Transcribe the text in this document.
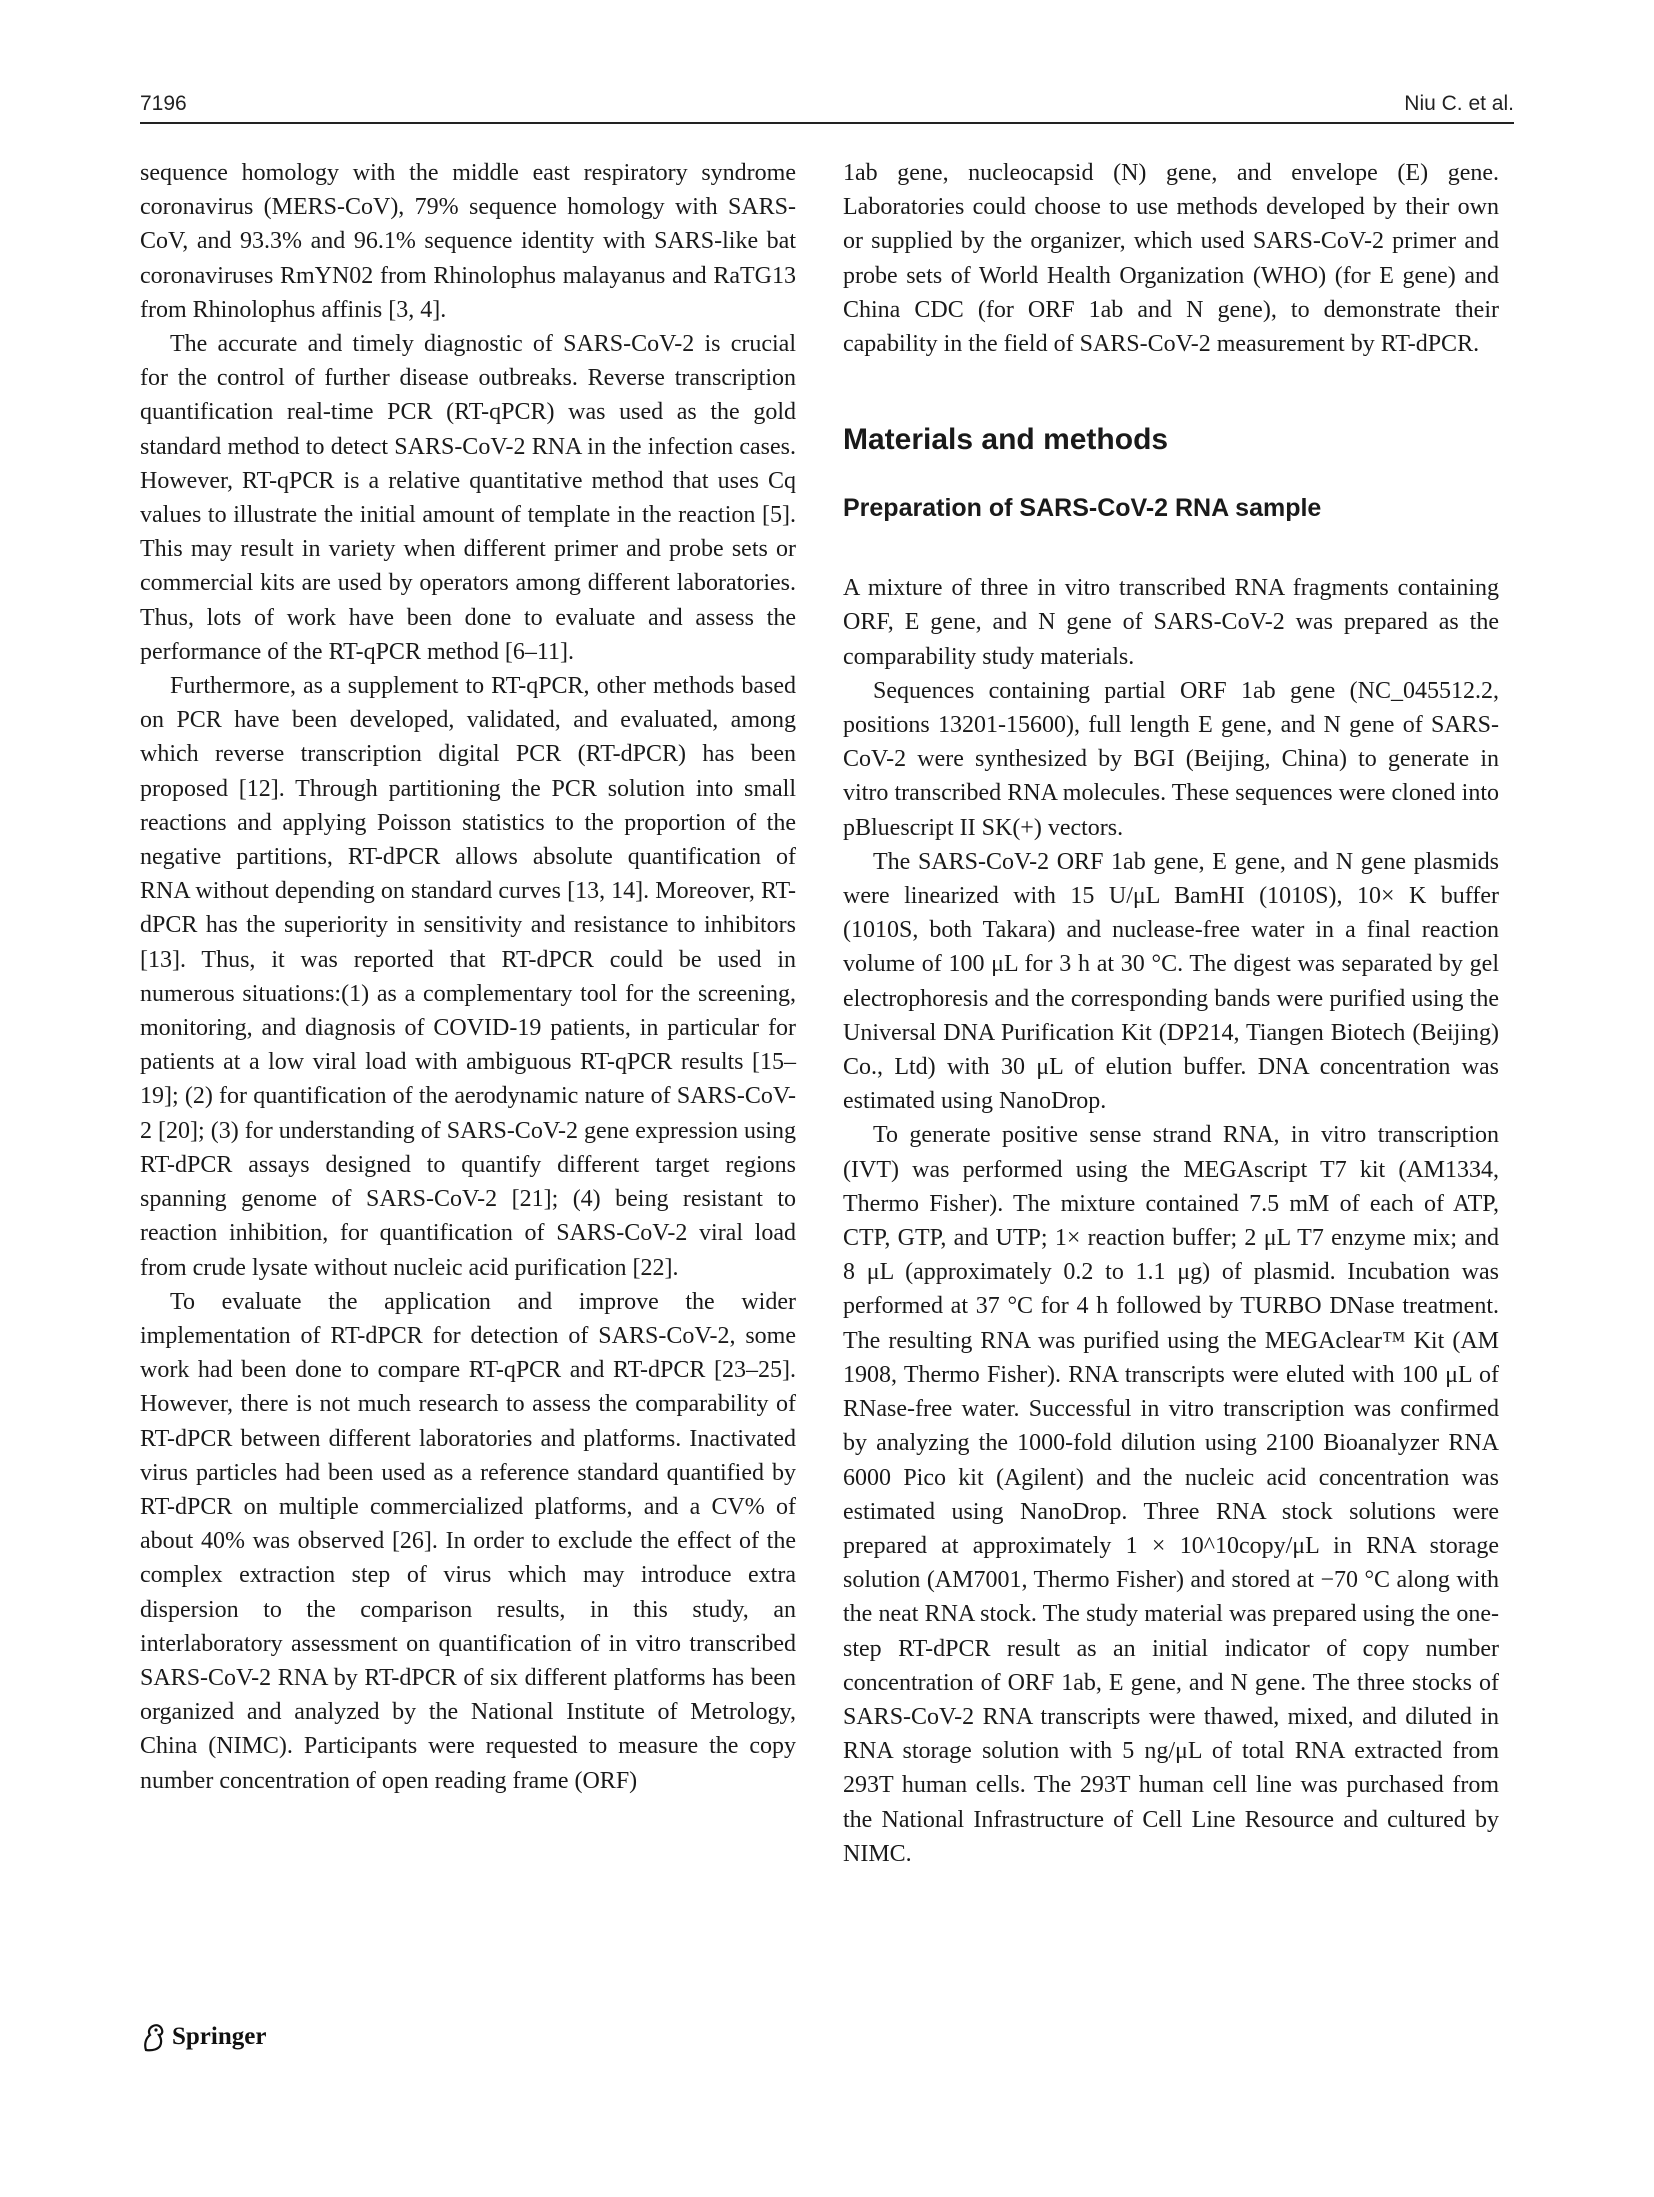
7196	Niu C. et al.

sequence homology with the middle east respiratory syndrome coronavirus (MERS-CoV), 79% sequence homology with SARS-CoV, and 93.3% and 96.1% sequence identity with SARS-like bat coronaviruses RmYN02 from Rhinolophus malayanus and RaTG13 from Rhinolophus affinis [3, 4].

The accurate and timely diagnostic of SARS-CoV-2 is crucial for the control of further disease outbreaks. Reverse transcription quantification real-time PCR (RT-qPCR) was used as the gold standard method to detect SARS-CoV-2 RNA in the infection cases. However, RT-qPCR is a relative quantitative method that uses Cq values to illustrate the initial amount of template in the reaction [5]. This may result in variety when different primer and probe sets or commercial kits are used by operators among different laboratories. Thus, lots of work have been done to evaluate and assess the performance of the RT-qPCR method [6–11].

Furthermore, as a supplement to RT-qPCR, other methods based on PCR have been developed, validated, and evaluated, among which reverse transcription digital PCR (RT-dPCR) has been proposed [12]. Through partitioning the PCR solution into small reactions and applying Poisson statistics to the proportion of the negative partitions, RT-dPCR allows absolute quantification of RNA without depending on standard curves [13, 14]. Moreover, RT-dPCR has the superiority in sensitivity and resistance to inhibitors [13]. Thus, it was reported that RT-dPCR could be used in numerous situations:(1) as a complementary tool for the screening, monitoring, and diagnosis of COVID-19 patients, in particular for patients at a low viral load with ambiguous RT-qPCR results [15–19]; (2) for quantification of the aerodynamic nature of SARS-CoV-2 [20]; (3) for understanding of SARS-CoV-2 gene expression using RT-dPCR assays designed to quantify different target regions spanning genome of SARS-CoV-2 [21]; (4) being resistant to reaction inhibition, for quantification of SARS-CoV-2 viral load from crude lysate without nucleic acid purification [22].

To evaluate the application and improve the wider implementation of RT-dPCR for detection of SARS-CoV-2, some work had been done to compare RT-qPCR and RT-dPCR [23–25]. However, there is not much research to assess the comparability of RT-dPCR between different laboratories and platforms. Inactivated virus particles had been used as a reference standard quantified by RT-dPCR on multiple commercialized platforms, and a CV% of about 40% was observed [26]. In order to exclude the effect of the complex extraction step of virus which may introduce extra dispersion to the comparison results, in this study, an interlaboratory assessment on quantification of in vitro transcribed SARS-CoV-2 RNA by RT-dPCR of six different platforms has been organized and analyzed by the National Institute of Metrology, China (NIMC). Participants were requested to measure the copy number concentration of open reading frame (ORF)

1ab gene, nucleocapsid (N) gene, and envelope (E) gene. Laboratories could choose to use methods developed by their own or supplied by the organizer, which used SARS-CoV-2 primer and probe sets of World Health Organization (WHO) (for E gene) and China CDC (for ORF 1ab and N gene), to demonstrate their capability in the field of SARS-CoV-2 measurement by RT-dPCR.

Materials and methods
Preparation of SARS-CoV-2 RNA sample

A mixture of three in vitro transcribed RNA fragments containing ORF, E gene, and N gene of SARS-CoV-2 was prepared as the comparability study materials.

Sequences containing partial ORF 1ab gene (NC_045512.2, positions 13201-15600), full length E gene, and N gene of SARS-CoV-2 were synthesized by BGI (Beijing, China) to generate in vitro transcribed RNA molecules. These sequences were cloned into pBluescript II SK(+) vectors.

The SARS-CoV-2 ORF 1ab gene, E gene, and N gene plasmids were linearized with 15 U/μL BamHI (1010S), 10× K buffer (1010S, both Takara) and nuclease-free water in a final reaction volume of 100 μL for 3 h at 30 °C. The digest was separated by gel electrophoresis and the corresponding bands were purified using the Universal DNA Purification Kit (DP214, Tiangen Biotech (Beijing) Co., Ltd) with 30 μL of elution buffer. DNA concentration was estimated using NanoDrop.

To generate positive sense strand RNA, in vitro transcription (IVT) was performed using the MEGAscript T7 kit (AM1334, Thermo Fisher). The mixture contained 7.5 mM of each of ATP, CTP, GTP, and UTP; 1× reaction buffer; 2 μL T7 enzyme mix; and 8 μL (approximately 0.2 to 1.1 μg) of plasmid. Incubation was performed at 37 °C for 4 h followed by TURBO DNase treatment. The resulting RNA was purified using the MEGAclear™ Kit (AM 1908, Thermo Fisher). RNA transcripts were eluted with 100 μL of RNase-free water. Successful in vitro transcription was confirmed by analyzing the 1000-fold dilution using 2100 Bioanalyzer RNA 6000 Pico kit (Agilent) and the nucleic acid concentration was estimated using NanoDrop. Three RNA stock solutions were prepared at approximately 1 × 10^10copy/μL in RNA storage solution (AM7001, Thermo Fisher) and stored at −70 °C along with the neat RNA stock. The study material was prepared using the one-step RT-dPCR result as an initial indicator of copy number concentration of ORF 1ab, E gene, and N gene. The three stocks of SARS-CoV-2 RNA transcripts were thawed, mixed, and diluted in RNA storage solution with 5 ng/μL of total RNA extracted from 293T human cells. The 293T human cell line was purchased from the National Infrastructure of Cell Line Resource and cultured by NIMC.

Springer
